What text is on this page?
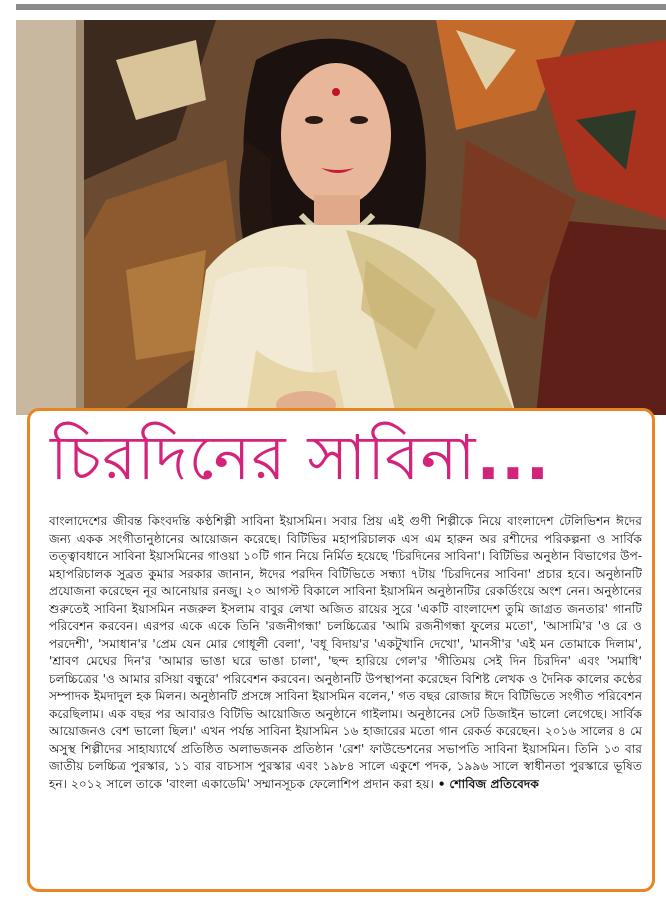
চিরদিনের সাবিনা...
বাংলাদেশের জীবন্ত কিংবদন্তি কণ্ঠশিল্পী সাবিনা ইয়াসমিন। সবার প্রিয় এই গুণী শিল্পীকে নিয়ে বাংলাদেশ টেলিভিশন ঈদের জন্য একক সংগীতানুষ্ঠানের আয়োজন করেছে। বিটিভির মহাপরিচালক এস এম হারুন অর রশীদের পরিকল্পনা ও সার্বিক তত্ত্বাবধানে সাবিনা ইয়াসমিনের গাওয়া ১০টি গান নিয়ে নির্মিত হয়েছে 'চিরদিনের সাবিনা'। বিটিভির অনুষ্ঠান বিভাগের উপ-মহাপরিচালক সুব্রত কুমার সরকার জানান, ঈদের পরদিন বিটিভিতে সন্ধ্যা ৭টায় 'চিরদিনের সাবিনা' প্রচার হবে। অনুষ্ঠানটি প্রযোজনা করেছেন নূর আনোয়ার রনজু। ২০ আগস্ট বিকালে সাবিনা ইয়াসমিন অনুষ্ঠানটির রেকর্ডিংয়ে অংশ নেন। অনুষ্ঠানের শুরুতেই সাবিনা ইয়াসমিন নজরুল ইসলাম বাবুর লেখা অজিত রায়ের সুরে 'একটি বাংলাদেশ তুমি জাগ্রত জনতার' গানটি পরিবেশন করবেন। এরপর একে একে তিনি 'রজনীগন্ধা' চলচ্চিত্রের 'আমি রজনীগন্ধা ফুলের মতো', 'আসামি'র 'ও রে ও পরদেশী', 'সমাধান'র 'প্রেম যেন মোর গোধূলী বেলা', 'বধূ বিদায়'র 'একটুখানি দেখো', 'মানসী'র 'এই মন তোমাকে দিলাম', 'শ্রাবণ মেঘের দিন'র 'আমার ভাঙা ঘরে ভাঙা চালা', 'ছন্দ হারিয়ে গেল'র 'গীতিময় সেই দিন চিরদিন' এবং 'সমাধি' চলচ্চিত্রের 'ও আমার রসিয়া বন্ধুরে' পরিবেশন করবেন। অনুষ্ঠানটি উপস্থাপনা করেছেন বিশিষ্ট লেখক ও দৈনিক কালের কণ্ঠের সম্পাদক ইমদাদুল হক মিলন। অনুষ্ঠানটি প্রসঙ্গে সাবিনা ইয়াসমিন বলেন,' গত বছর রোজার ঈদে বিটিভিতে সংগীত পরিবেশন করেছিলাম। এক বছর পর আবারও বিটিভি আয়োজিত অনুষ্ঠানে গাইলাম। অনুষ্ঠানের সেট ডিজাইন ভালো লেগেছে। সার্বিক আয়োজনও বেশ ভালো ছিল।' এখন পর্যন্ত সাবিনা ইয়াসমিন ১৬ হাজারের মতো গান রেকর্ড করেছেন। ২০১৬ সালের ৪ মে অসুস্থ শিল্পীদের সাহায্যার্থে প্রতিষ্ঠিত অলাভজনক প্রতিষ্ঠান 'রেশ' ফাউন্ডেশনের সভাপতি সাবিনা ইয়াসমিন। তিনি ১৩ বার জাতীয় চলচ্চিত্র পুরস্কার, ১১ বার বাচসাস পুরস্কার এবং ১৯৮৪ সালে একুশে পদক, ১৯৯৬ সালে স্বাধীনতা পুরস্কারে ভূষিত হন। ২০১২ সালে তাকে 'বাংলা একাডেমি' সম্মানসূচক ফেলোশিপ প্রদান করা হয়। • শোবিজ প্রতিবেদক
